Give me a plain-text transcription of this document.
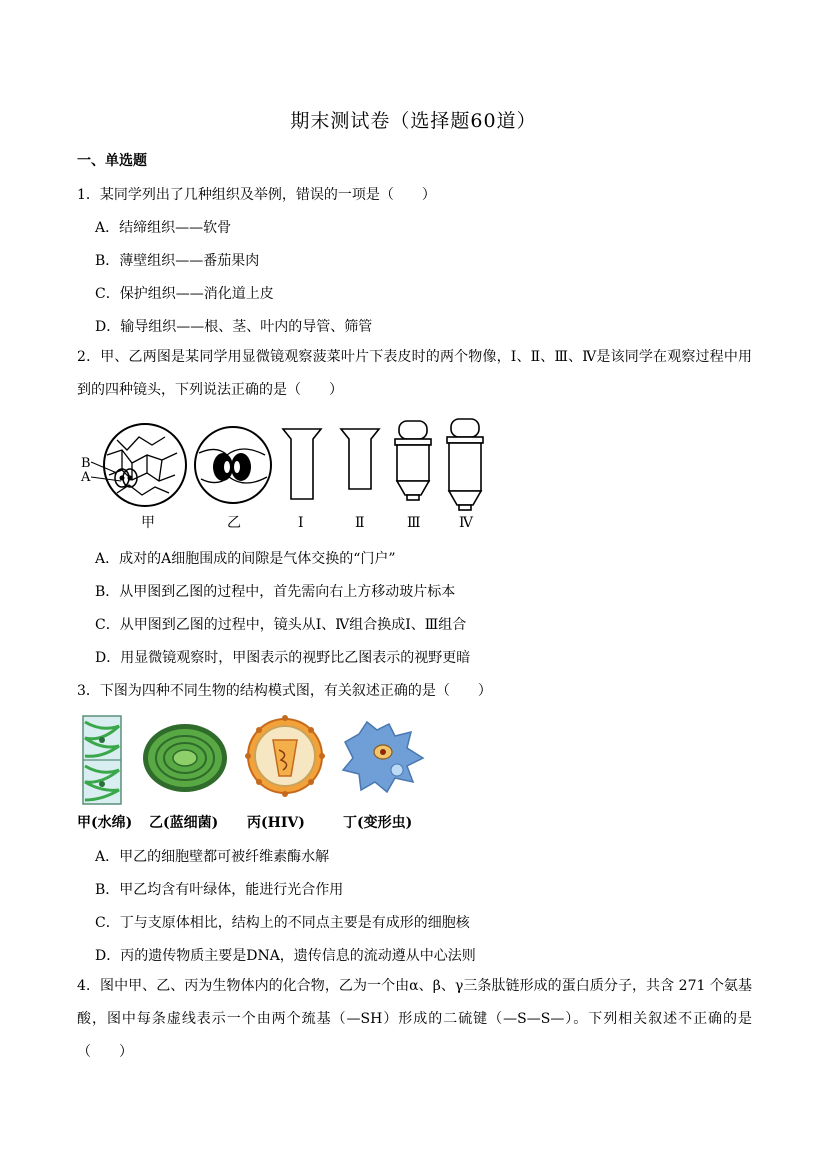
期末测试卷（选择题60道）
一、单选题
1．某同学列出了几种组织及举例，错误的一项是（　　）
A．结缔组织——软骨
B．薄壁组织——番茄果肉
C．保护组织——消化道上皮
D．输导组织——根、茎、叶内的导管、筛管
2．甲、乙两图是某同学用显微镜观察菠菜叶片下表皮时的两个物像，Ⅰ、Ⅱ、Ⅲ、Ⅳ是该同学在观察过程中用到的四种镜头，下列说法正确的是（　　）
B
A
甲	乙	Ⅰ	Ⅱ	Ⅲ	Ⅳ
A．成对的A细胞围成的间隙是气体交换的“门户”
B．从甲图到乙图的过程中，首先需向右上方移动玻片标本
C．从甲图到乙图的过程中，镜头从Ⅰ、Ⅳ组合换成Ⅰ、Ⅲ组合
D．用显微镜观察时，甲图表示的视野比乙图表示的视野更暗
3．下图为四种不同生物的结构模式图，有关叙述正确的是（　　）
甲(水绵) 乙(蓝细菌) 丙(HIV)	丁(变形虫)
A．甲乙的细胞壁都可被纤维素酶水解
B．甲乙均含有叶绿体，能进行光合作用
C．丁与支原体相比，结构上的不同点主要是有成形的细胞核
D．丙的遗传物质主要是DNA，遗传信息的流动遵从中心法则
4．图中甲、乙、丙为生物体内的化合物，乙为一个由α、β、γ三条肽链形成的蛋白质分子，共含 271 个氨基酸，图中每条虚线表示一个由两个巯基（—SH）形成的二硫键（—S—S—）。下列相关叙述不正确的是（　　）
